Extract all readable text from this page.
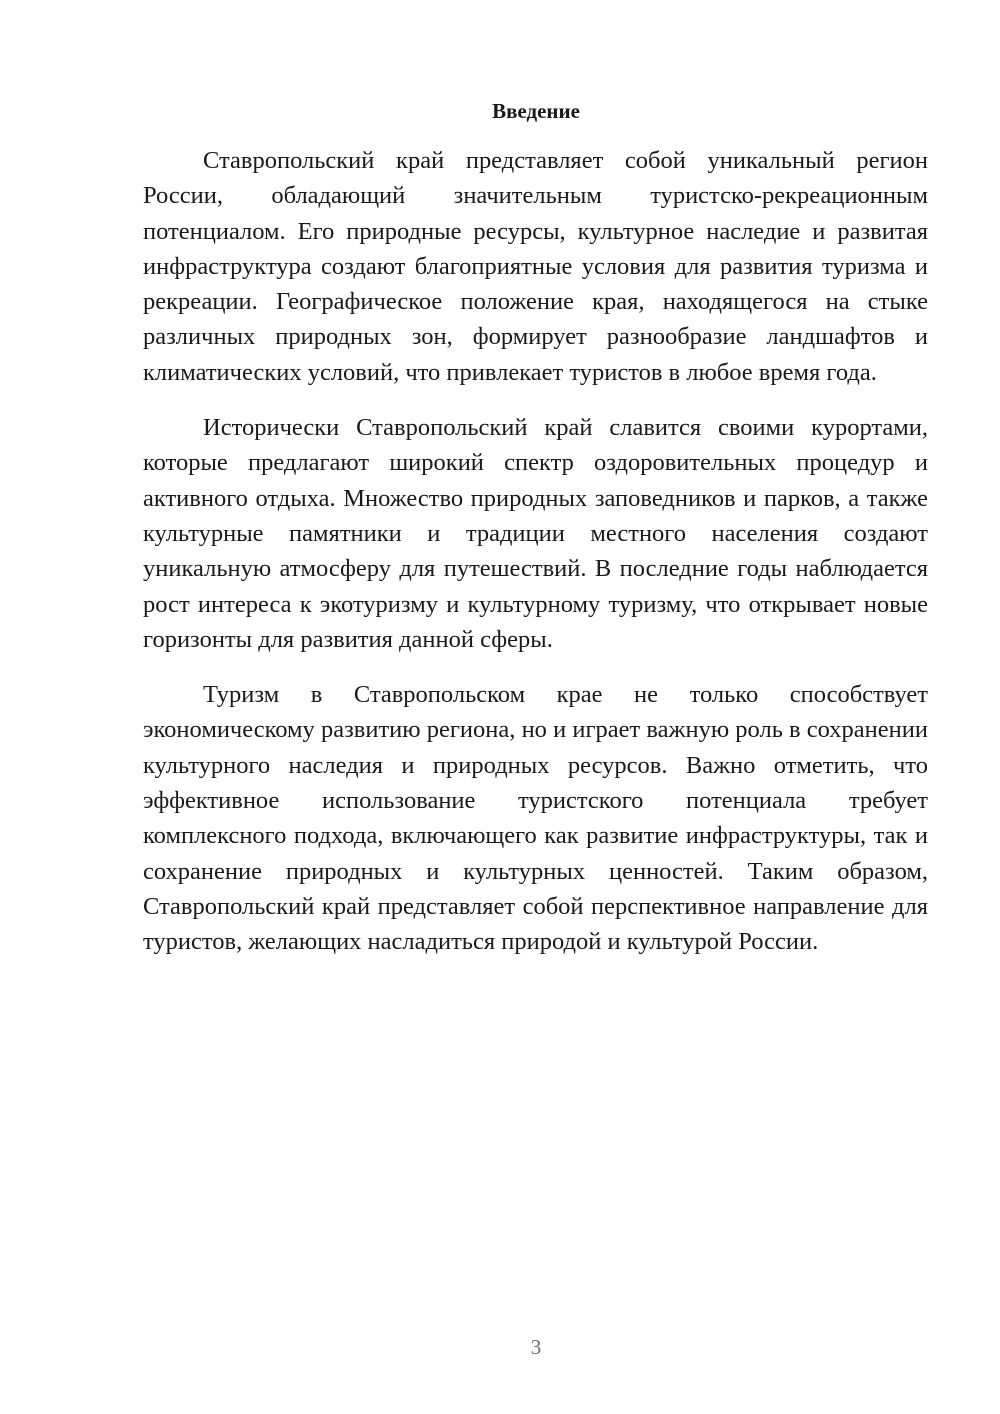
Введение

Ставропольский край представляет собой уникальный регион России, обладающий значительным туристско-рекреационным потенциалом. Его природные ресурсы, культурное наследие и развитая инфраструктура создают благоприятные условия для развития туризма и рекреации. Географическое положение края, находящегося на стыке различных природных зон, формирует разнообразие ландшафтов и климатических условий, что привлекает туристов в любое время года.

Исторически Ставропольский край славится своими курортами, которые предлагают широкий спектр оздоровительных процедур и активного отдыха. Множество природных заповедников и парков, а также культурные памятники и традиции местного населения создают уникальную атмосферу для путешествий. В последние годы наблюдается рост интереса к экотуризму и культурному туризму, что открывает новые горизонты для развития данной сферы.

Туризм в Ставропольском крае не только способствует экономическому развитию региона, но и играет важную роль в сохранении культурного наследия и природных ресурсов. Важно отметить, что эффективное использование туристского потенциала требует комплексного подхода, включающего как развитие инфраструктуры, так и сохранение природных и культурных ценностей. Таким образом, Ставропольский край представляет собой перспективное направление для туристов, желающих насладиться природой и культурой России.

3
